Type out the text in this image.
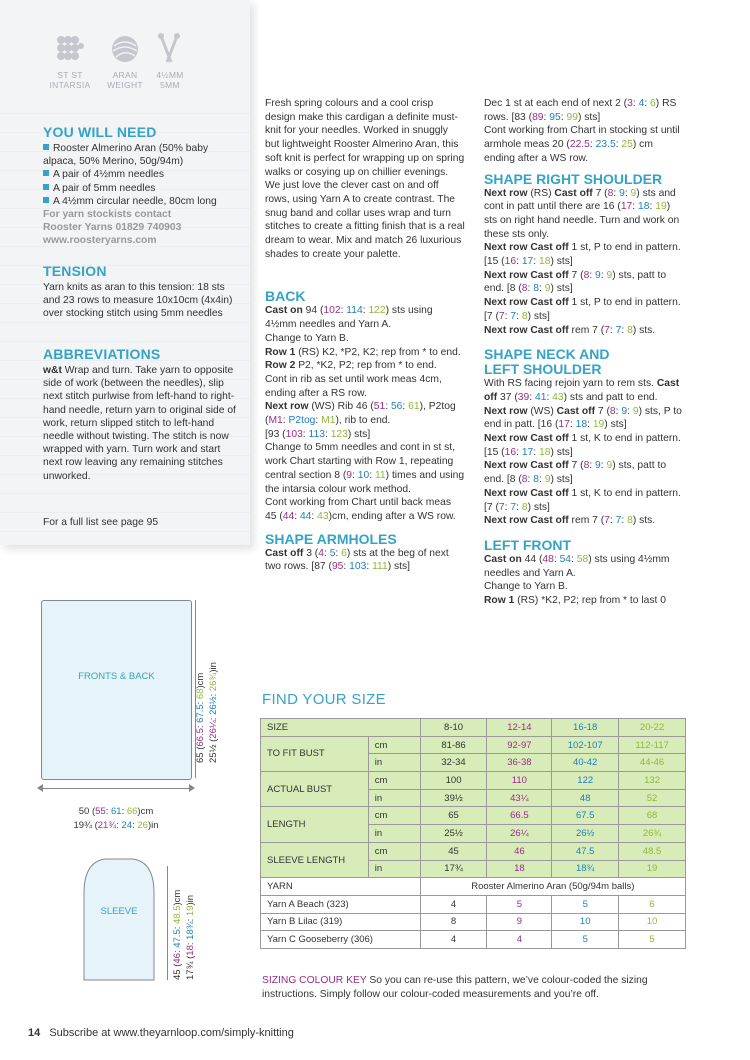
ST ST
INTARSIA
ARAN
WEIGHT
4½MM
5MM
YOU WILL NEED
Rooster Almerino Aran (50% baby alpaca, 50% Merino, 50g/94m)
A pair of 4½mm needles
A pair of 5mm needles
A 4½mm circular needle, 80cm long
For yarn stockists contact
Rooster Yarns 01829 740903
www.roosteryarns.com
TENSION
Yarn knits as aran to this tension: 18 sts and 23 rows to measure 10x10cm (4x4in) over stocking stitch using 5mm needles
ABBREVIATIONS
w&t Wrap and turn. Take yarn to opposite side of work (between the needles), slip next stitch purlwise from left-hand to right-hand needle, return yarn to original side of work, return slipped stitch to left-hand needle without twisting. The stitch is now wrapped with yarn. Turn work and start next row leaving any remaining stitches unworked.
For a full list see page 95

Fresh spring colours and a cool crisp design make this cardigan a definite must-knit for your needles. Worked in snuggly but lightweight Rooster Almerino Aran, this soft knit is perfect for wrapping up on spring walks or cosying up on chillier evenings. We just love the clever cast on and off rows, using Yarn A to create contrast. The snug band and collar uses wrap and turn stitches to create a fitting finish that is a real dream to wear. Mix and match 26 luxurious shades to create your palette.

BACK

Cast on 94 (102: 114: 122) sts using 4½mm needles and Yarn A.

Change to Yarn B.

Row 1 (RS) K2, *P2, K2; rep from * to end.

Row 2 P2, *K2, P2; rep from * to end.

Cont in rib as set until work meas 4cm, ending after a RS row.

Next row (WS) Rib 46 (51: 56: 61), P2tog (M1: P2tog: M1), rib to end.

[93 (103: 113: 123) sts]

Change to 5mm needles and cont in st st, work Chart starting with Row 1, repeating central section 8 (9: 10: 11) times and using the intarsia colour work method.

Cont working from Chart until back meas 45 (44: 44: 43)cm, ending after a WS row.

SHAPE ARMHOLES

Cast off 3 (4: 5: 6) sts at the beg of next two rows. [87 (95: 103: 111) sts]

Dec 1 st at each end of next 2 (3: 4: 6) RS rows. [83 (89: 95: 99) sts]

Cont working from Chart in stocking st until armhole meas 20 (22.5: 23.5: 25) cm ending after a WS row.

SHAPE RIGHT SHOULDER

Next row (RS) Cast off 7 (8: 9: 9) sts and cont in patt until there are 16 (17: 18: 19) sts on right hand needle. Turn and work on these sts only.

Next row Cast off 1 st, P to end in pattern. [15 (16: 17: 18) sts]

Next row Cast off 7 (8: 9: 9) sts, patt to end. [8 (8: 8: 9) sts]

Next row Cast off 1 st, P to end in pattern. [7 (7: 7: 8) sts]

Next row Cast off rem 7 (7: 7: 8) sts.

SHAPE NECK AND
LEFT SHOULDER

With RS facing rejoin yarn to rem sts. Cast off 37 (39: 41: 43) sts and patt to end.

Next row (WS) Cast off 7 (8: 9: 9) sts, P to end in patt. [16 (17: 18: 19) sts]

Next row Cast off 1 st, K to end in pattern. [15 (16: 17: 18) sts]

Next row Cast off 7 (8: 9: 9) sts, patt to end. [8 (8: 8: 9) sts]

Next row Cast off 1 st, K to end in pattern. [7 (7: 7: 8) sts]

Next row Cast off rem 7 (7: 7: 8) sts.

LEFT FRONT

Cast on 44 (48: 54: 58) sts using 4½mm needles and Yarn A.

Change to Yarn B.

Row 1 (RS) *K2, P2; rep from * to last 0

FRONTS & BACK
50 (55: 61: 66)cm
19¾ (21¾: 24: 26)in
65 (66.5: 67.5: 68)cm
25½ (26¼: 26½: 26¾)in
SLEEVE
45 (46: 47.5: 48.5)cm
17¾ (18: 18¾: 19)in
FIND YOUR SIZE
SIZE		8-10	12-14	16-18	20-22
TO FIT BUST	cm	81-86	92-97	102-107	112-117
	in	32-34	36-38	40-42	44-46
ACTUAL BUST	cm	100	110	122	132
	in	39½	43¼	48	52
LENGTH	cm	65	66.5	67.5	68
	in	25½	26¼	26½	26¾
SLEEVE LENGTH	cm	45	46	47.5	48.5
	in	17¾	18	18¾	19
YARN		Rooster Almerino Aran (50g/94m balls)			
Yarn A Beach (323)		4	5	5	6
Yarn B Lilac (319)		8	9	10	10
Yarn C Gooseberry (306)		4	4	5	5
SIZING COLOUR KEY So you can re-use this pattern, we’ve colour-coded the sizing instructions. Simply follow our colour-coded measurements and you’re off.
14 Subscribe at www.theyarnloop.com/simply-knitting
